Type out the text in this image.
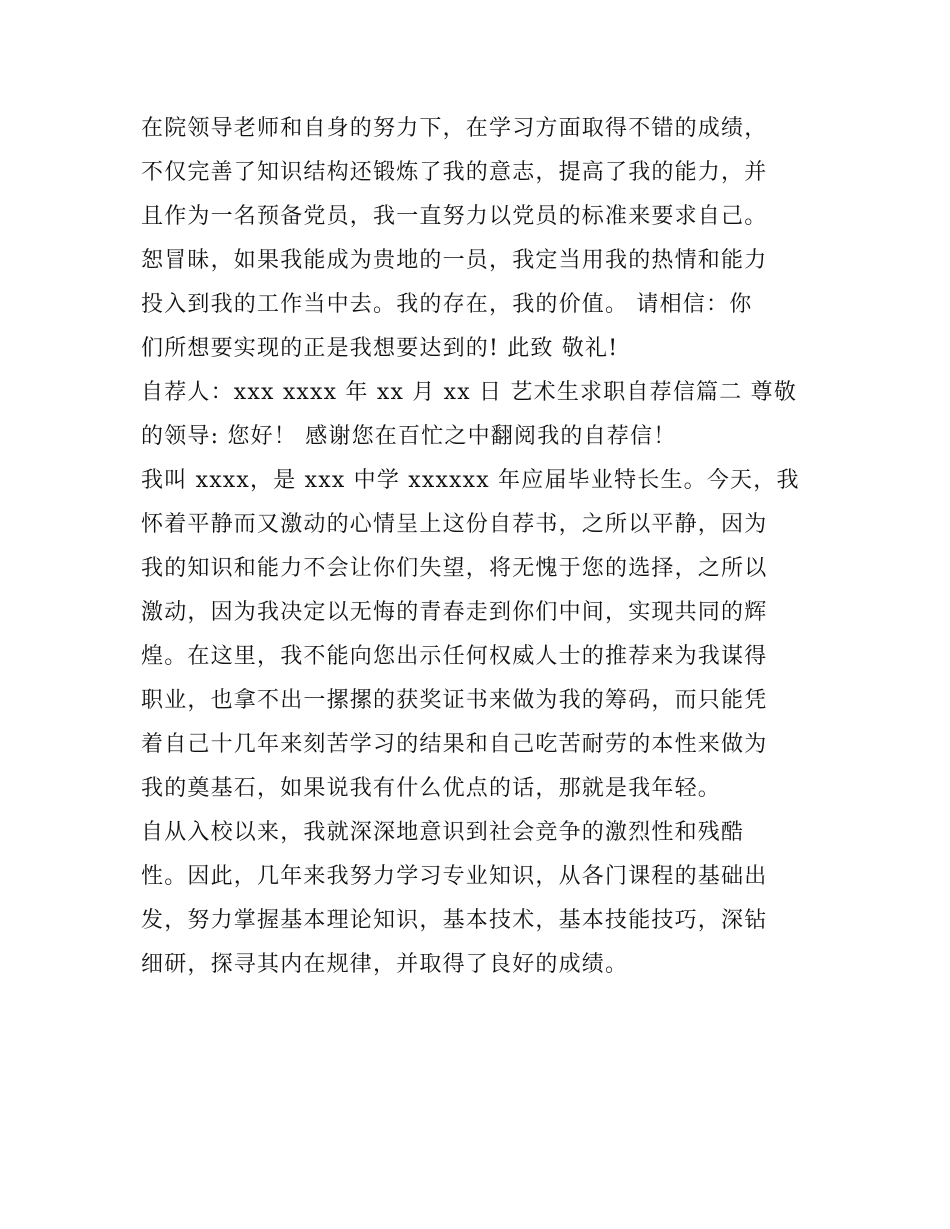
在院领导老师和自身的努力下，在学习方面取得不错的成绩，
不仅完善了知识结构还锻炼了我的意志，提高了我的能力，并
且作为一名预备党员，我一直努力以党员的标准来要求自己。
恕冒昧，如果我能成为贵地的一员，我定当用我的热情和能力
投入到我的工作当中去。我的存在，我的价值。 请相信：你
们所想要实现的正是我想要达到的! 此致 敬礼!
自荐人：xxx xxxx 年 xx 月 xx 日 艺术生求职自荐信篇二 尊敬
的领导: 您好！ 感谢您在百忙之中翻阅我的自荐信！
我叫 xxxx，是 xxx 中学 xxxxxx 年应届毕业特长生。今天，我
怀着平静而又激动的心情呈上这份自荐书，之所以平静，因为
我的知识和能力不会让你们失望，将无愧于您的选择，之所以
激动，因为我决定以无悔的青春走到你们中间，实现共同的辉
煌。在这里，我不能向您出示任何权威人士的推荐来为我谋得
职业，也拿不出一摞摞的获奖证书来做为我的筹码，而只能凭
着自己十几年来刻苦学习的结果和自己吃苦耐劳的本性来做为
我的奠基石，如果说我有什么优点的话，那就是我年轻。
自从入校以来，我就深深地意识到社会竞争的激烈性和残酷
性。因此，几年来我努力学习专业知识，从各门课程的基础出
发，努力掌握基本理论知识，基本技术，基本技能技巧，深钻
细研，探寻其内在规律，并取得了良好的成绩。
